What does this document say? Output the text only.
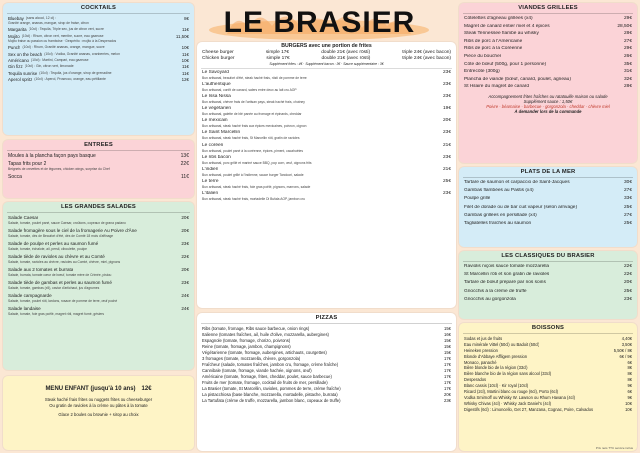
COCKTAILS
Bluebay (sans alcool, 12 cl) :	8€
Granité orange, ananas, mangue, sirop de fraise, citron
Margarita (10cl) : Tequila, Triple sec, jus de citron vert, sucre	11€
Mojito (10cl) : Rhum, citron vert, menthe, sucre, eau gazeuse	11,50€
Mojito fraise ou passion ou framboise · Despérito : mojito à la Desperados
Punch (10cl) : Rhum, Granité ananas, orange, mangue, sucre	10€
Sex on the beach (10cl) : Vodka, Granité ananas, cranberries, melon	11€
Américano (10cl) : Martini, Campari, eau gazeuse	10€
Gin fizz (10cl) : Gin, citron vert, limonade	11€
Tequila sunrise (10cl) : Tequila, jus d'orange, sirop de grenadine	11€
Aperol spritz (10cl) : Aperol, Prosecco, orange, eau pétillante	12€
ENTREES
Moules à la plancha façon pays basque	13€
Tapas frits pour 2	22€
Beignets de crevettes et de légumes, chicken wings, surprise du Chef
Socca	11€
LES GRANDES SALADES
Salade Caesar	20€
Salade, tomate, poulet pané, sauce Caesar, croûtons, copeaux de grana padano
Salade fromagère sous le ciel de la fromagerie Au Poivre d'Âne	20€
Salade, tomate, dés de Beaufort d'été, dés de Comté 18 mois d'affinage
Salade de poulpe et perles au saumon fumé	23€
Salade, tomate, échalote, ail, persil, ciboulette, poulpe
Salade tiède de ravioles au chèvre et au Comté	22€
Salade, tomate, ravioles au chèvre, ravioles au Comté, chèvre, miel, pignons
Salade aux 2 tomates et burrata	20€
Salade, burrata, tomate cœur de bœuf, tomate mère de Crimée, pistou
Salade tiède de gambas et perles au saumon fumé	23€
Salade, tomate, gambas (x5), caviar d'artichaut, jus d'agrumes
Salade campagnarde	24€
Salade, tomate, poulet rôti, lardons, rosace de pomme de terre, œuf poché
Salade landaise	24€
Salade, tomate, foie gras poêlé, magret rôti, magret fumé, gésiers
MENU ENFANT (jusqu'à 10 ans) 12€
Steak haché frais frites ou nuggets frites ou cheeseburger
Ou gratin de ravioles à la crème ou pâtes à la tomate
Glace 2 boules ou brownie + sirop au choix
LE BRASIER
BURGERS avec une portion de frites
Cheese burger	simple 17€	double 21€ (avec rösti)	triple 24€ (avec bacon)
Chicken burger	simple 17€	double 21€ (avec rösti)	triple 24€ (avec bacon)
Supplément frites : 4€ · Supplément bacon : 3€ · Sauce supplémentaire : 3€
Le Savoyard	23€
Bun artisanal, beaufort d'été, steak haché frais, rösti de pomme de terre
L'authentique	23€
Bun artisanal, confit de canard, salers entre deux au lait cru AOP
Le Issa Nissa	23€
Bun artisanal, chèvre frais de l'artisan pays, steak haché frais, chutney
Le végétarien	19€
Bun artisanal, galette de blé panée au fromage et épinards, cheddar
Le mexicain	20€
Bun artisanal, steak haché frais aux épices mexicaines, poivron, oignon
Le Saint Marcellin	23€
Bun artisanal, steak haché frais, St Marcellin rôti, gratin de ravioles
Le coréen	21€
Bun artisanal, poulet pané à la coréenne, épices, piment, cacahuètes
Le ribs bacon	23€
Bun artisanal, porc grillé et mariné sauce BBQ, pop corn, œuf, oignons frits
L'indien	21€
Bun artisanal, poulet grillé à l'indienne, sauce burger Tandoori, salade
Le terre	25€
Bun artisanal, steak haché frais, foie gras poêlé, pignons, marrons, salade
L'italien	23€
Bun artisanal, steak haché frais, mortadelle Di Bufala AOP, jambon cru
PIZZAS
Ribs (tomate, fromage, Ribs sauce barbecue, onion rings)	15€
Italienne (tomates fraîches, ail, huile d'olive, mozzarella, aubergines)	16€
Espagnole (tomate, fromage, chorizo, poivrons)	15€
Reine (tomate, fromage, jambon, champignons)	15€
Végétarienne (tomate, fromage, aubergines, artichauts, courgettes)	15€
3 fromages (tomate, mozzarella, chèvre, gorgonzola)	17€
Fraîcheur (salade, tomates fraîches, jambon cru, fromage, crème fraîche)	17€
Cannibale (tomate, fromage, viande hachée, oignons, œuf)	17€
Américaine (tomate, fromage, frites, cheddar, poulet, sauce barbecue)	17€
Fruits de mer (tomate, fromage, cocktail de fruits de mer, persillade)	17€
La Brasier (tomate, St Marcellin, ravioles, pommes de terre, crème fraîche)	17€
La pistacchiosa (base blanche, mozzarella, mortadelle, pistache, burrata)	20€
La Tartufata (crème de truffe, mozzarella, jambon blanc, copeaux de truffe)	23€
VIANDES GRILLEES
Côtelettes d'agneau grillées (x4)	29€
Magret de canard entier miel et 4 épices	28,50€
Steak Tennessee flambé au whisky	28€
Ribs de porc à l'Américaine	27€
Ribs de porc à la Coréenne	29€
Pièce du boucher	26€
Côte de bœuf (500g, pour 1 personne)	35€
Entrecôte (300g)	31€
Plancha de viande (bœuf, canard, poulet, agneau)	32€
St Hilaire du magret de canard	28€
Accompagnement frites fraîches ou ratatouille maison ou salade
Supplément sauce : 1,50€
Poivre · béarnaise · barbecue · gorgonzola · cheddar · chèvre miel
À demander lors de la commande
PLATS DE LA MER
Tartare de saumon et carpaccio de Saint-Jacques	30€
Gambas flambées au Pastis (x4)	27€
Poulpe grillé	33€
Filet de dorade ou de bar cuit vapeur (selon arrivage)	25€
Gambas grillées en persillade (x4)	27€
Tagliatelles fraîches au saumon	25€
LES CLASSIQUES DU BRASIER
Raviolis niçois sauce tomate mozzarella	22€
St Marcellin rôti et son gratin de ravioles	22€
Tartare de bœuf préparé par nos soins	20€
Gnocchis à la crème de truffe	25€
Gnocchis au gorgonzola	23€
BOISSONS
Sodas et jus de fruits	4,40€
Eau minérale Vittel (50cl) ou Badoit (50cl)	3,50€
Heineken pression	5,50€ / 8€
Blonde d'Abbaye Affligem pression	6€ / 9€
Monaco, panaché	6€
Bière blonde bio de la région (33cl)	8€
Bière blanche bio de la région sans alcool (33cl)	8€
Desperados	8€
Blanc cassis (10cl) · Kir royal (10cl)	9€
Ricard (2cl), Martini blanc ou rouge (6cl), Porto (6cl)	6€
Vodka Smirnoff ou Whisky W. Lawson ou Rhum Havana (4cl)	9€
Whisky Chivas (4cl) · Whisky Jack Daniel's (4cl)	10€
Digestifs (6cl) : Limoncello, Get 27, Manzana, Cognac, Poire, Calvados	10€
Prix nets TTC service inclus
